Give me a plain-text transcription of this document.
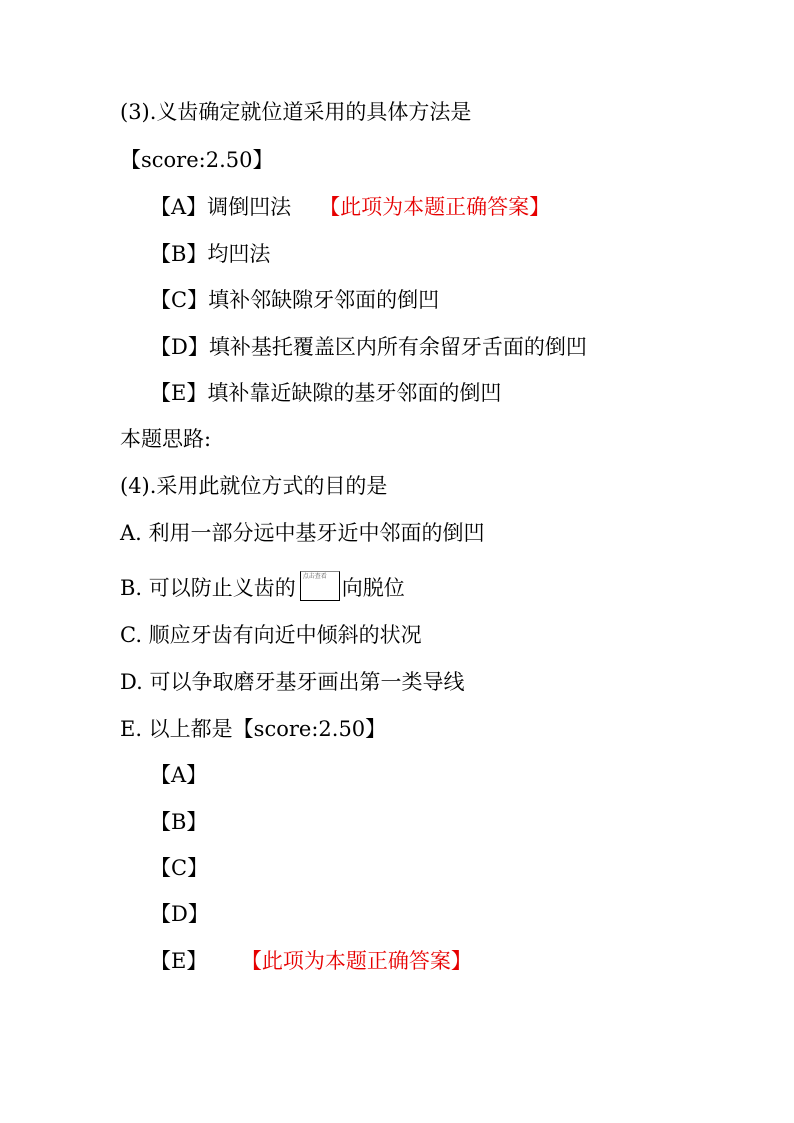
(3).义齿确定就位道采用的具体方法是
【score:2.50】
【A】调倒凹法 【此项为本题正确答案】
【B】均凹法
【C】填补邻缺隙牙邻面的倒凹
【D】填补基托覆盖区内所有余留牙舌面的倒凹
【E】填补靠近缺隙的基牙邻面的倒凹
本题思路:
(4).采用此就位方式的目的是
A. 利用一部分远中基牙近中邻面的倒凹
B. 可以防止义齿的 点击查看 向脱位
C. 顺应牙齿有向近中倾斜的状况
D. 可以争取磨牙基牙画出第一类导线
E. 以上都是【score:2.50】
【A】
【B】
【C】
【D】
【E】 【此项为本题正确答案】
